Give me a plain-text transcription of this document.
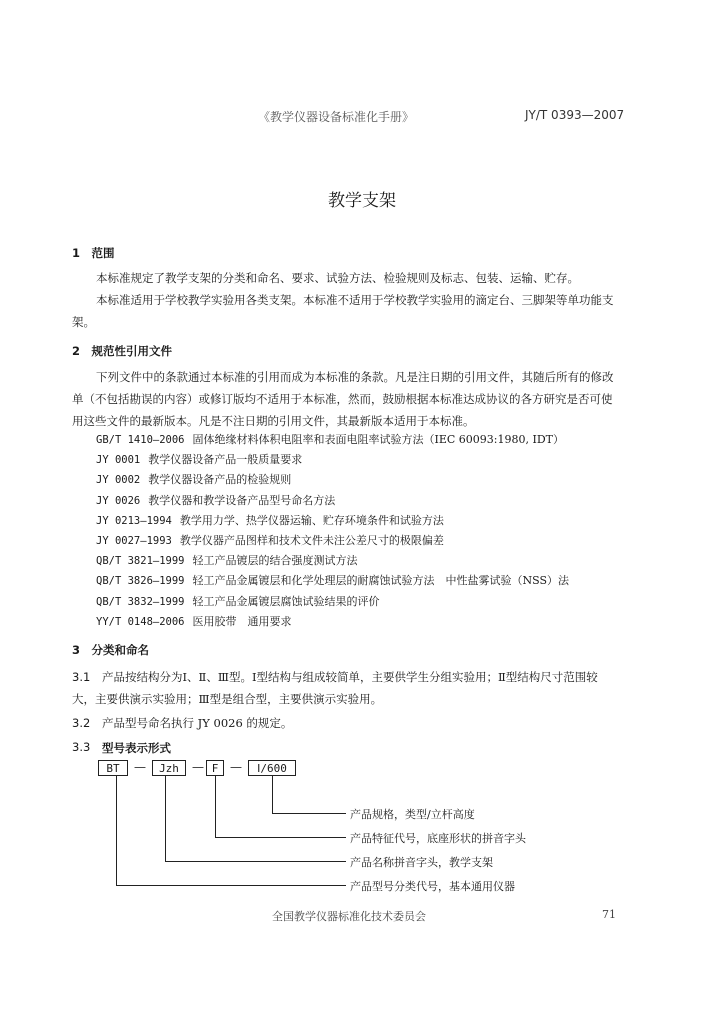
《教学仪器设备标准化手册》	JY/T 0393—2007
教学支架
1　范围
本标准规定了教学支架的分类和命名、要求、试验方法、检验规则及标志、包装、运输、贮存。
本标准适用于学校教学实验用各类支架。本标准不适用于学校教学实验用的滴定台、三脚架等单功能支架。
2　规范性引用文件
下列文件中的条款通过本标准的引用而成为本标准的条款。凡是注日期的引用文件，其随后所有的修改单（不包括勘误的内容）或修订版均不适用于本标准，然而，鼓励根据本标准达成协议的各方研究是否可使用这些文件的最新版本。凡是不注日期的引用文件，其最新版本适用于本标准。
GB/T 1410—2006 固体绝缘材料体积电阻率和表面电阻率试验方法（IEC 60093:1980, IDT）
JY 0001 教学仪器设备产品一般质量要求
JY 0002 教学仪器设备产品的检验规则
JY 0026 教学仪器和教学设备产品型号命名方法
JY 0213—1994 教学用力学、热学仪器运输、贮存环境条件和试验方法
JY 0027—1993 教学仪器产品图样和技术文件未注公差尺寸的极限偏差
QB/T 3821—1999 轻工产品镀层的结合强度测试方法
QB/T 3826—1999 轻工产品金属镀层和化学处理层的耐腐蚀试验方法　中性盐雾试验（NSS）法
QB/T 3832—1999 轻工产品金属镀层腐蚀试验结果的评价
YY/T 0148—2006 医用胶带　通用要求
3　分类和命名
3.1	产品按结构分为Ⅰ、Ⅱ、Ⅲ型。Ⅰ型结构与组成较简单，主要供学生分组实验用；Ⅱ型结构尺寸范围较大，主要供演示实验用；Ⅲ型是组合型，主要供演示实验用。
3.2 产品型号命名执行 JY 0026 的规定。
3.3 型号表示形式
BT	—	Jzh	— F —	Ⅰ/600
产品规格，类型/立杆高度
产品特征代号，底座形状的拼音字头
产品名称拼音字头，教学支架
产品型号分类代号，基本通用仪器
全国教学仪器标准化技术委员会	71
